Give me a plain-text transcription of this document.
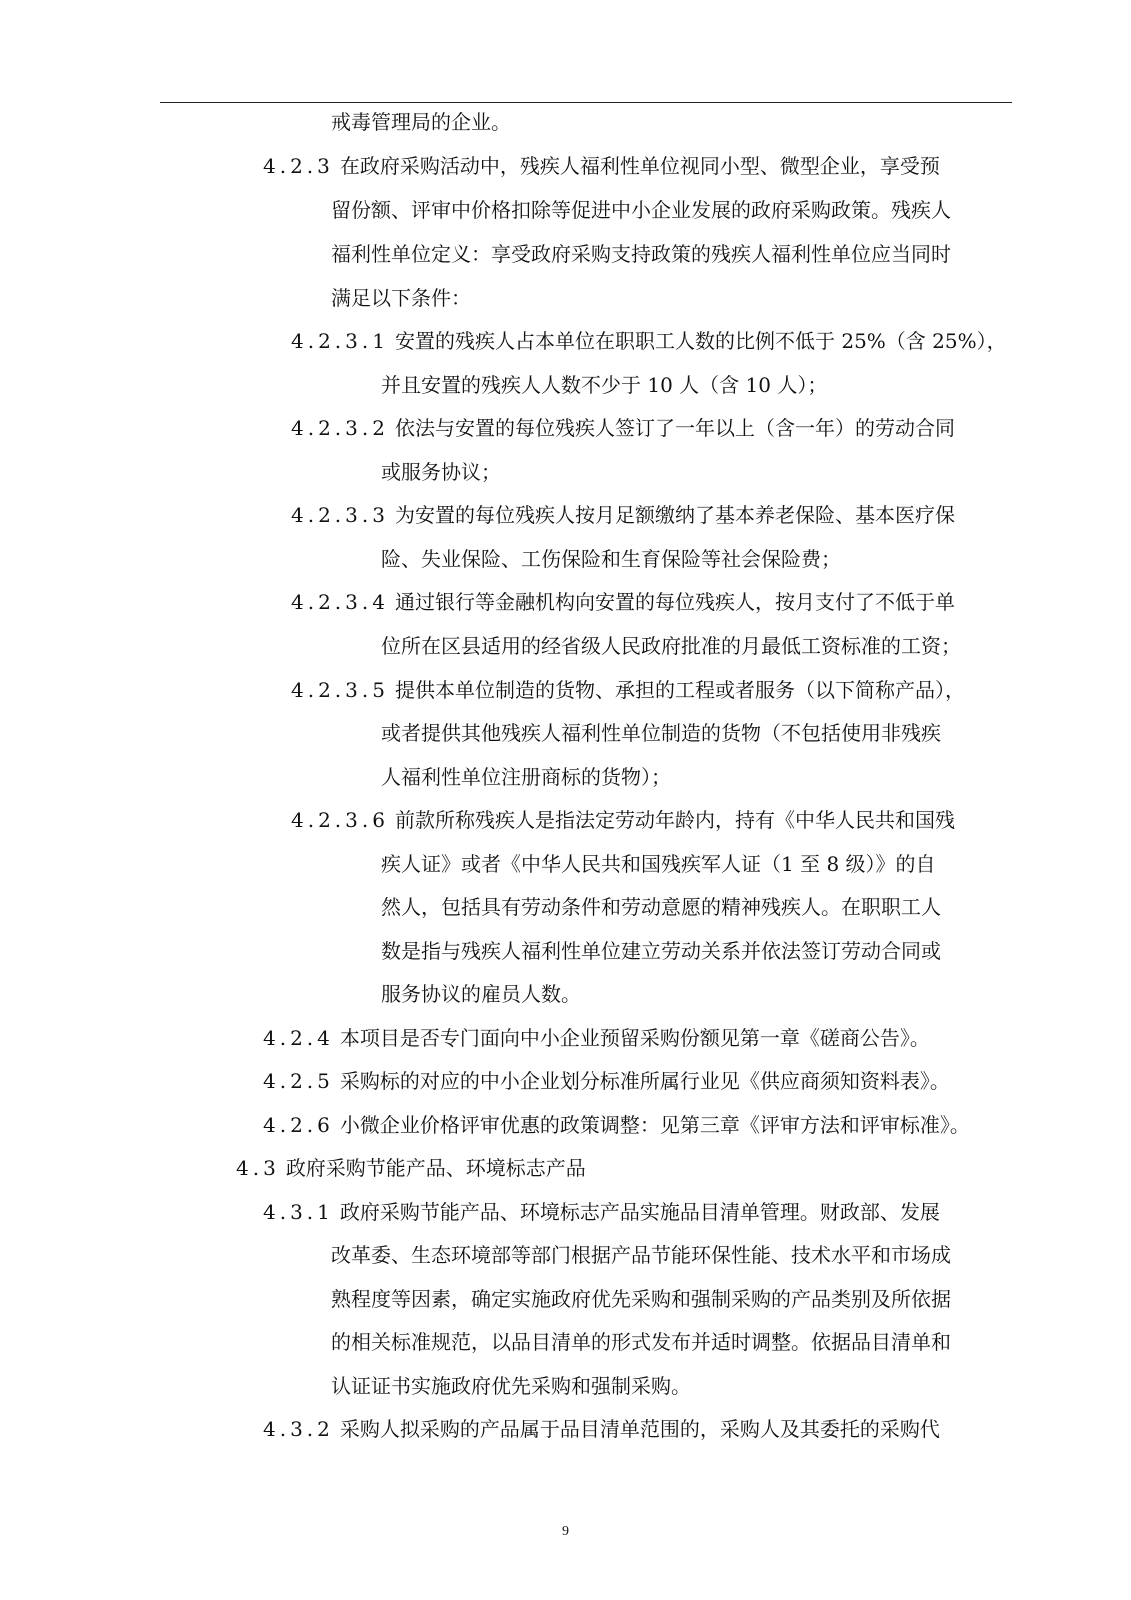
戒毒管理局的企业。
4.2.3 在政府采购活动中，残疾人福利性单位视同小型、微型企业，享受预
留份额、评审中价格扣除等促进中小企业发展的政府采购政策。残疾人
福利性单位定义：享受政府采购支持政策的残疾人福利性单位应当同时
满足以下条件：
4.2.3.1 安置的残疾人占本单位在职职工人数的比例不低于 25%（含 25%），
并且安置的残疾人人数不少于 10 人（含 10 人）；
4.2.3.2 依法与安置的每位残疾人签订了一年以上（含一年）的劳动合同
或服务协议；
4.2.3.3 为安置的每位残疾人按月足额缴纳了基本养老保险、基本医疗保
险、失业保险、工伤保险和生育保险等社会保险费；
4.2.3.4 通过银行等金融机构向安置的每位残疾人，按月支付了不低于单
位所在区县适用的经省级人民政府批准的月最低工资标准的工资；
4.2.3.5 提供本单位制造的货物、承担的工程或者服务（以下简称产品），
或者提供其他残疾人福利性单位制造的货物（不包括使用非残疾
人福利性单位注册商标的货物）；
4.2.3.6 前款所称残疾人是指法定劳动年龄内，持有《中华人民共和国残
疾人证》或者《中华人民共和国残疾军人证（1 至 8 级）》的自
然人，包括具有劳动条件和劳动意愿的精神残疾人。在职职工人
数是指与残疾人福利性单位建立劳动关系并依法签订劳动合同或
服务协议的雇员人数。
4.2.4 本项目是否专门面向中小企业预留采购份额见第一章《磋商公告》。
4.2.5 采购标的对应的中小企业划分标准所属行业见《供应商须知资料表》。
4.2.6 小微企业价格评审优惠的政策调整：见第三章《评审方法和评审标准》。
4.3 政府采购节能产品、环境标志产品
4.3.1 政府采购节能产品、环境标志产品实施品目清单管理。财政部、发展
改革委、生态环境部等部门根据产品节能环保性能、技术水平和市场成
熟程度等因素，确定实施政府优先采购和强制采购的产品类别及所依据
的相关标准规范，以品目清单的形式发布并适时调整。依据品目清单和
认证证书实施政府优先采购和强制采购。
4.3.2 采购人拟采购的产品属于品目清单范围的，采购人及其委托的采购代
9
